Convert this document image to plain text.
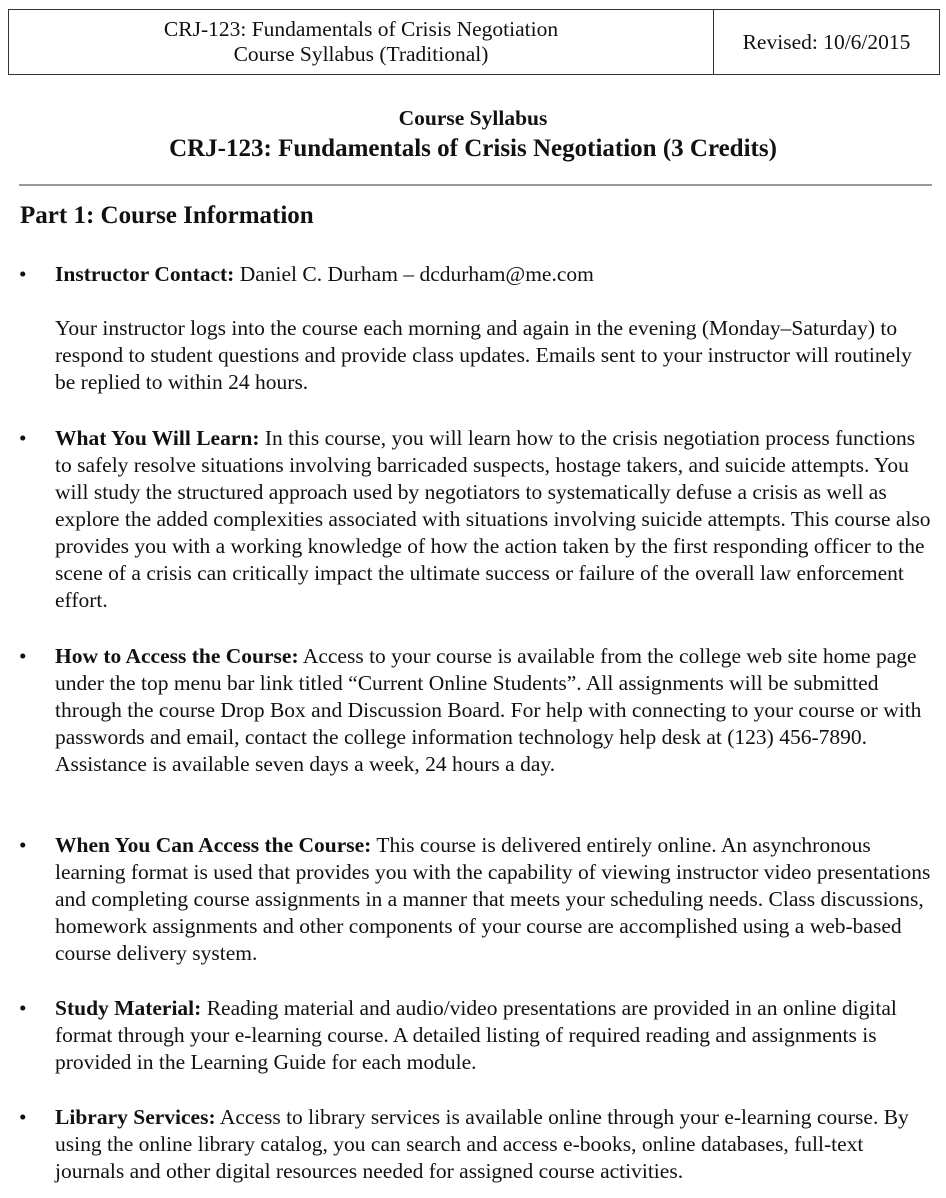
CRJ-123: Fundamentals of Crisis Negotiation
Course Syllabus (Traditional)
Revised: 10/6/2015
Course Syllabus
CRJ-123: Fundamentals of Crisis Negotiation (3 Credits)
Part 1: Course Information
• Instructor Contact: Daniel C. Durham – dcdurham@me.com
Your instructor logs into the course each morning and again in the evening (Monday–Saturday) to respond to student questions and provide class updates. Emails sent to your instructor will routinely be replied to within 24 hours.
• What You Will Learn: In this course, you will learn how to the crisis negotiation process functions to safely resolve situations involving barricaded suspects, hostage takers, and suicide attempts. You will study the structured approach used by negotiators to systematically defuse a crisis as well as explore the added complexities associated with situations involving suicide attempts. This course also provides you with a working knowledge of how the action taken by the first responding officer to the scene of a crisis can critically impact the ultimate success or failure of the overall law enforcement effort.
• How to Access the Course: Access to your course is available from the college web site home page under the top menu bar link titled “Current Online Students”. All assignments will be submitted through the course Drop Box and Discussion Board. For help with connecting to your course or with passwords and email, contact the college information technology help desk at (123) 456-7890. Assistance is available seven days a week, 24 hours a day.
• When You Can Access the Course: This course is delivered entirely online. An asynchronous learning format is used that provides you with the capability of viewing instructor video presentations and completing course assignments in a manner that meets your scheduling needs. Class discussions, homework assignments and other components of your course are accomplished using a web-based course delivery system.
• Study Material: Reading material and audio/video presentations are provided in an online digital format through your e-learning course. A detailed listing of required reading and assignments is provided in the Learning Guide for each module.
• Library Services: Access to library services is available online through your e-learning course. By using the online library catalog, you can search and access e-books, online databases, full-text journals and other digital resources needed for assigned course activities.
